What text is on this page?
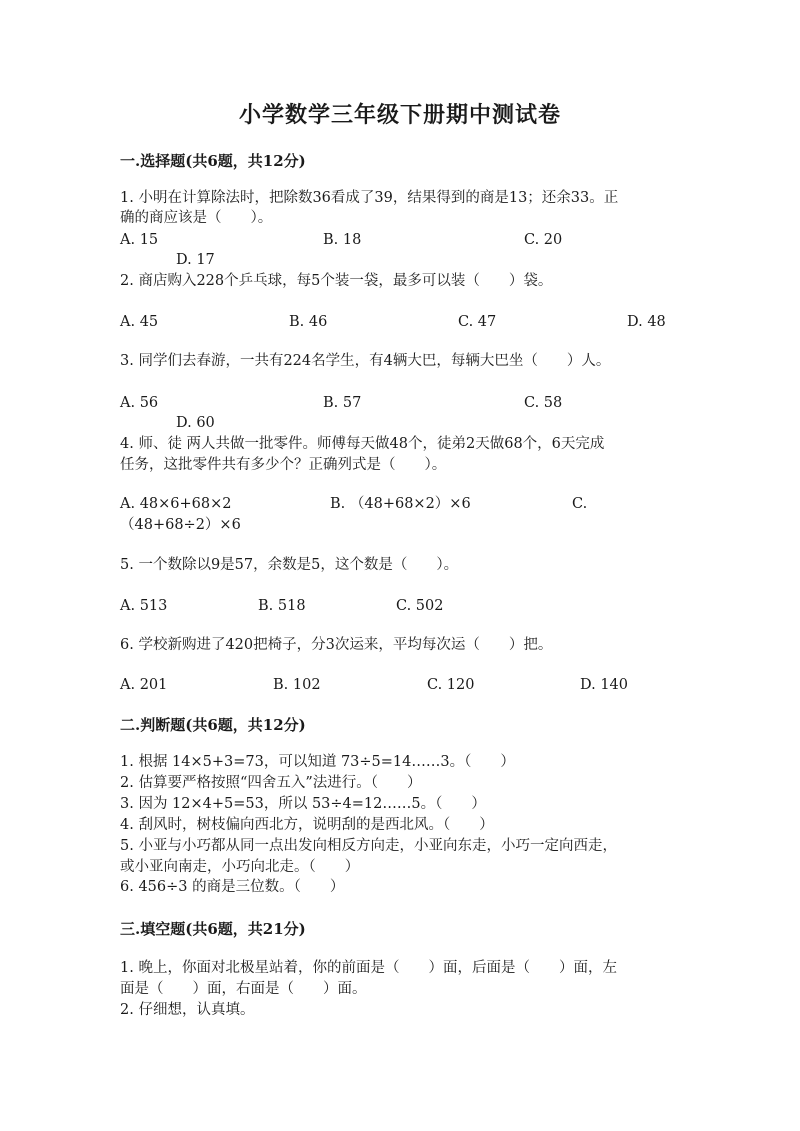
小学数学三年级下册期中测试卷
一.选择题(共6题，共12分)
1. 小明在计算除法时，把除数36看成了39，结果得到的商是13；还余33。正
确的商应该是（　　）。
A. 15	B. 18	C. 20
D. 17
2. 商店购入228个乒乓球，每5个装一袋，最多可以装（　　）袋。
A. 45	B. 46	C. 47	D. 48
3. 同学们去春游，一共有224名学生，有4辆大巴，每辆大巴坐（　　）人。
A. 56	B. 57	C. 58
D. 60
4. 师、徒 两人共做一批零件。师傅每天做48个，徒弟2天做68个，6天完成
任务，这批零件共有多少个？正确列式是（　　）。
A. 48×6+68×2	B. （48+68×2）×6	C.
（48+68÷2）×6
5. 一个数除以9是57，余数是5，这个数是（　　）。
A. 513	B. 518	C. 502
6. 学校新购进了420把椅子，分3次运来，平均每次运（　　）把。
A. 201	B. 102	C. 120	D. 140
二.判断题(共6题，共12分)
1. 根据 14×5+3=73，可以知道 73÷5=14……3。（　　）
2. 估算要严格按照“四舍五入”法进行。（　　）
3. 因为 12×4+5=53，所以 53÷4=12……5。（　　）
4. 刮风时，树枝偏向西北方，说明刮的是西北风。（　　）
5. 小亚与小巧都从同一点出发向相反方向走，小亚向东走，小巧一定向西走，
或小亚向南走，小巧向北走。（　　）
6. 456÷3 的商是三位数。（　　）
三.填空题(共6题，共21分)
1. 晚上，你面对北极星站着，你的前面是（　　）面，后面是（　　）面，左
面是（　　）面，右面是（　　）面。
2. 仔细想，认真填。
